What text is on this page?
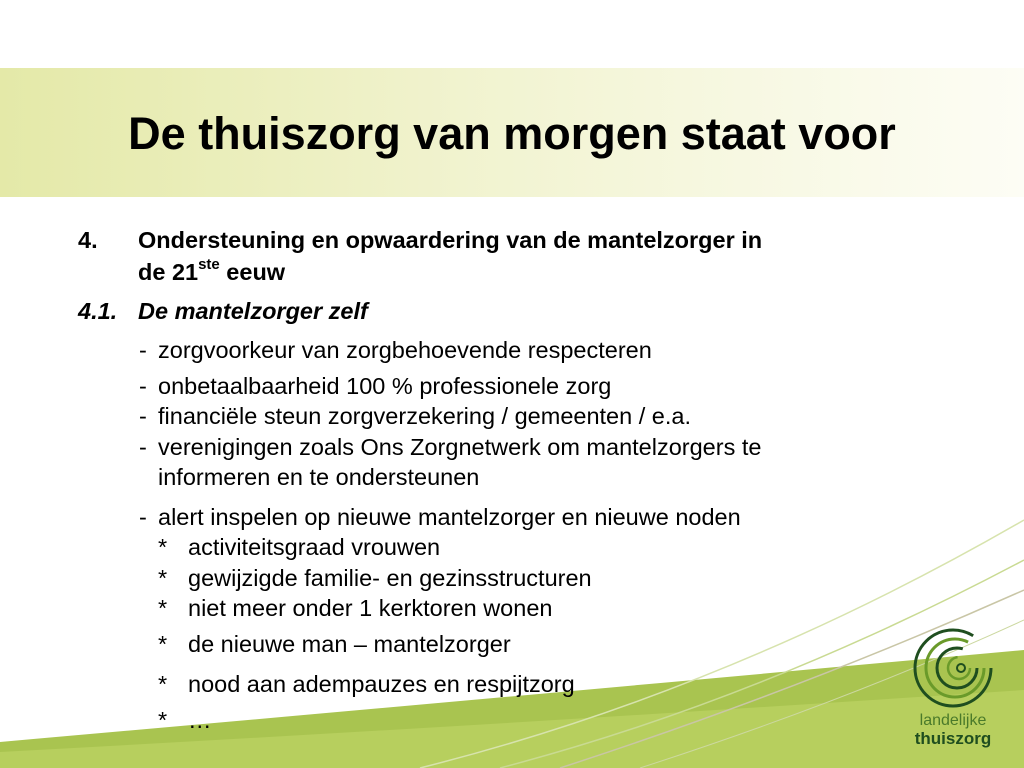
De thuiszorg van morgen staat voor
4. Ondersteuning en opwaardering van de mantelzorger in
de 21ste eeuw
4.1. De mantelzorger zelf
- zorgvoorkeur van zorgbehoevende respecteren
- onbetaalbaarheid 100 % professionele zorg
- financiële steun zorgverzekering / gemeenten / e.a.
- verenigingen zoals Ons Zorgnetwerk om mantelzorgers te
informeren en te ondersteunen
- alert inspelen op nieuwe mantelzorger en nieuwe noden
* activiteitsgraad vrouwen
* gewijzigde familie- en gezinsstructuren
* niet meer onder 1 kerktoren wonen
* de nieuwe man – mantelzorger
* nood aan adempauzes en respijtzorg
* …	landelijke
thuiszorg
